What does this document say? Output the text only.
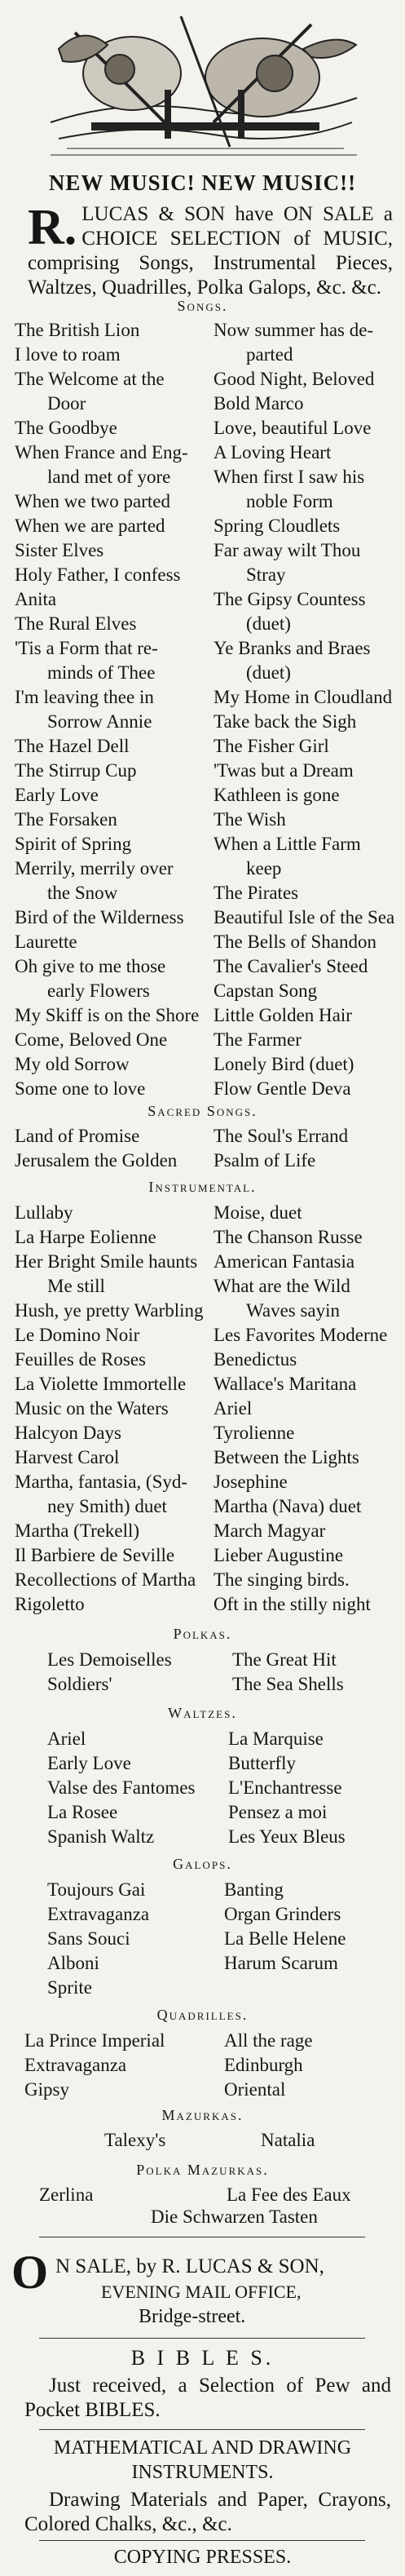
NEW MUSIC! NEW MUSIC!!
R. LUCAS & SON have ON SALE a CHOICE SELECTION of MUSIC, comprising Songs, Instrumental Pieces, Waltzes, Quadrilles, Polka Galops, &c. &c.
Songs.
The British Lion
I love to roam
The Welcome at the
Door
The Goodbye
When France and Eng-
land met of yore
When we two parted
When we are parted
Sister Elves
Holy Father, I confess
Anita
The Rural Elves
'Tis a Form that re-
minds of Thee
I'm leaving thee in
Sorrow Annie
The Hazel Dell
The Stirrup Cup
Early Love
The Forsaken
Spirit of Spring
Merrily, merrily over
the Snow
Bird of the Wilderness
Laurette
Oh give to me those
early Flowers
My Skiff is on the Shore
Come, Beloved One
My old Sorrow
Some one to love
Now summer has de-
parted
Good Night, Beloved
Bold Marco
Love, beautiful Love
A Loving Heart
When first I saw his
noble Form
Spring Cloudlets
Far away wilt Thou
Stray
The Gipsy Countess
(duet)
Ye Branks and Braes
(duet)
My Home in Cloudland
Take back the Sigh
The Fisher Girl
'Twas but a Dream
Kathleen is gone
The Wish
When a Little Farm
keep
The Pirates
Beautiful Isle of the Sea
The Bells of Shandon
The Cavalier's Steed
Capstan Song
Little Golden Hair
The Farmer
Lonely Bird (duet)
Flow Gentle Deva
Sacred Songs.
Land of Promise
Jerusalem the Golden
The Soul's Errand
Psalm of Life
Instrumental.
Lullaby
La Harpe Eolienne
Her Bright Smile haunts
Me still
Hush, ye pretty Warbling
Le Domino Noir
Feuilles de Roses
La Violette Immortelle
Music on the Waters
Halcyon Days
Harvest Carol
Martha, fantasia, (Syd-
ney Smith) duet
Martha (Trekell)
Il Barbiere de Seville
Recollections of Martha
Rigoletto
Moise, duet
The Chanson Russe
American Fantasia
What are the Wild
Waves sayin
Les Favorites Moderne
Benedictus
Wallace's Maritana
Ariel
Tyrolienne
Between the Lights
Josephine
Martha (Nava) duet
March Magyar
Lieber Augustine
The singing birds.
Oft in the stilly night
Polkas.
Les Demoiselles
Soldiers'
The Great Hit
The Sea Shells
Waltzes.
Ariel
Early Love
Valse des Fantomes
La Rosee
Spanish Waltz
La Marquise
Butterfly
L'Enchantresse
Pensez a moi
Les Yeux Bleus
Galops.
Toujours Gai
Extravaganza
Sans Souci
Alboni
Sprite
Banting
Organ Grinders
La Belle Helene
Harum Scarum
Quadrilles.
La Prince Imperial
Extravaganza
Gipsy
All the rage
Edinburgh
Oriental
Mazurkas.
Talexy's	Natalia
Polka Mazurkas.
Zerlina	La Fee des Eaux
Die Schwarzen Tasten
O N SALE, by R. LUCAS & SON,
EVENING MAIL OFFICE,
Bridge-street.
B I B L E S.
Just received, a Selection of Pew and Pocket BIBLES.
MATHEMATICAL AND DRAWING
INSTRUMENTS.
Drawing Materials and Paper, Crayons, Colored Chalks, &c., &c.
COPYING PRESSES.
